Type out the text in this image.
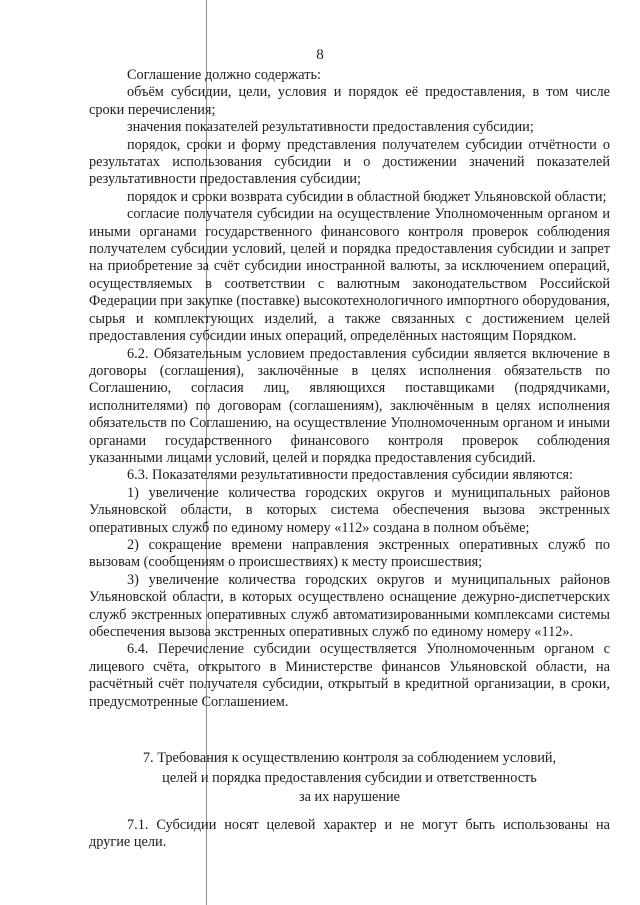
8

Соглашение должно содержать:

объём субсидии, цели, условия и порядок её предоставления, в том числе сроки перечисления;

значения показателей результативности предоставления субсидии;

порядок, сроки и форму представления получателем субсидии отчётности о результатах использования субсидии и о достижении значений показателей результативности предоставления субсидии;

порядок и сроки возврата субсидии в областной бюджет Ульяновской области;

согласие получателя субсидии на осуществление Уполномоченным органом и иными органами государственного финансового контроля проверок соблюдения получателем субсидии условий, целей и порядка предоставления субсидии и запрет на приобретение за счёт субсидии иностранной валюты, за исключением операций, осуществляемых в соответствии с валютным законодательством Российской Федерации при закупке (поставке) высокотехнологичного импортного оборудования, сырья и комплектующих изделий, а также связанных с достижением целей предоставления субсидии иных операций, определённых настоящим Порядком.

6.2. Обязательным условием предоставления субсидии является включение в договоры (соглашения), заключённые в целях исполнения обязательств по Соглашению, согласия лиц, являющихся поставщиками (подрядчиками, исполнителями) по договорам (соглашениям), заключённым в целях исполнения обязательств по Соглашению, на осуществление Уполномоченным органом и иными органами государственного финансового контроля проверок соблюдения указанными лицами условий, целей и порядка предоставления субсидий.

6.3. Показателями результативности предоставления субсидии являются:

1) увеличение количества городских округов и муниципальных районов Ульяновской области, в которых система обеспечения вызова экстренных оперативных служб по единому номеру «112» создана в полном объёме;

2) сокращение времени направления экстренных оперативных служб по вызовам (сообщениям о происшествиях) к месту происшествия;

3) увеличение количества городских округов и муниципальных районов Ульяновской области, в которых осуществлено оснащение дежурно-диспетчерских служб экстренных оперативных служб автоматизированными комплексами системы обеспечения вызова экстренных оперативных служб по единому номеру «112».

6.4. Перечисление субсидии осуществляется Уполномоченным органом с лицевого счёта, открытого в Министерстве финансов Ульяновской области, на расчётный счёт получателя субсидии, открытый в кредитной организации, в сроки, предусмотренные Соглашением.

7. Требования к осуществлению контроля за соблюдением условий,
целей и порядка предоставления субсидии и ответственность
за их нарушение

7.1. Субсидии носят целевой характер и не могут быть использованы на другие цели.
